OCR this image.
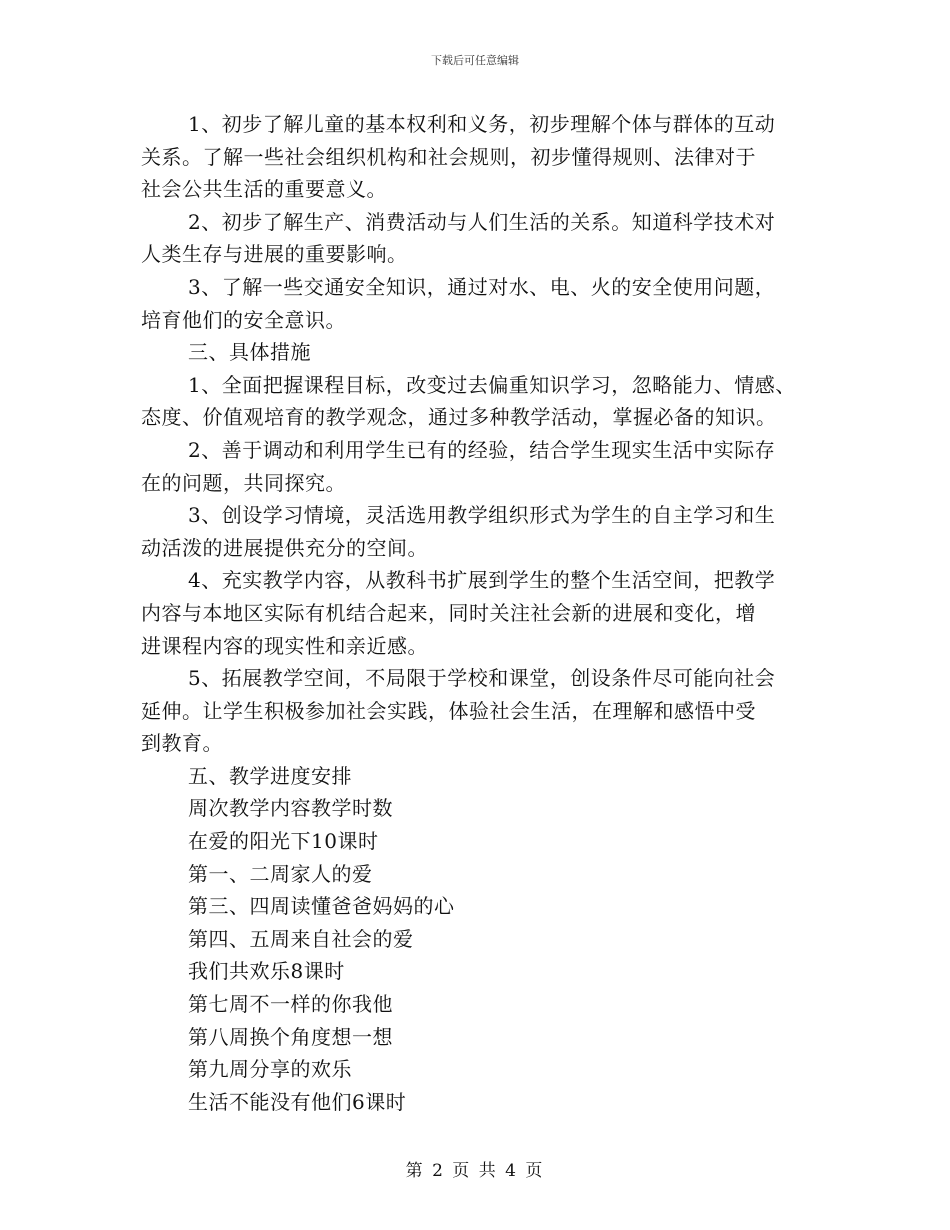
下载后可任意编辑
1、初步了解儿童的基本权利和义务，初步理解个体与群体的互动
关系。了解一些社会组织机构和社会规则，初步懂得规则、法律对于
社会公共生活的重要意义。
2、初步了解生产、消费活动与人们生活的关系。知道科学技术对
人类生存与进展的重要影响。
3、了解一些交通安全知识，通过对水、电、火的安全使用问题，
培育他们的安全意识。
三、具体措施
1、全面把握课程目标，改变过去偏重知识学习，忽略能力、情感、
态度、价值观培育的教学观念，通过多种教学活动，掌握必备的知识。
2、善于调动和利用学生已有的经验，结合学生现实生活中实际存
在的问题，共同探究。
3、创设学习情境，灵活选用教学组织形式为学生的自主学习和生
动活泼的进展提供充分的空间。
4、充实教学内容，从教科书扩展到学生的整个生活空间，把教学
内容与本地区实际有机结合起来，同时关注社会新的进展和变化，增
进课程内容的现实性和亲近感。
5、拓展教学空间，不局限于学校和课堂，创设条件尽可能向社会
延伸。让学生积极参加社会实践，体验社会生活，在理解和感悟中受
到教育。
五、教学进度安排
周次教学内容教学时数
在爱的阳光下10课时
第一、二周家人的爱
第三、四周读懂爸爸妈妈的心
第四、五周来自社会的爱
我们共欢乐8课时
第七周不一样的你我他
第八周换个角度想一想
第九周分享的欢乐
生活不能没有他们6课时
第 2 页 共 4 页
